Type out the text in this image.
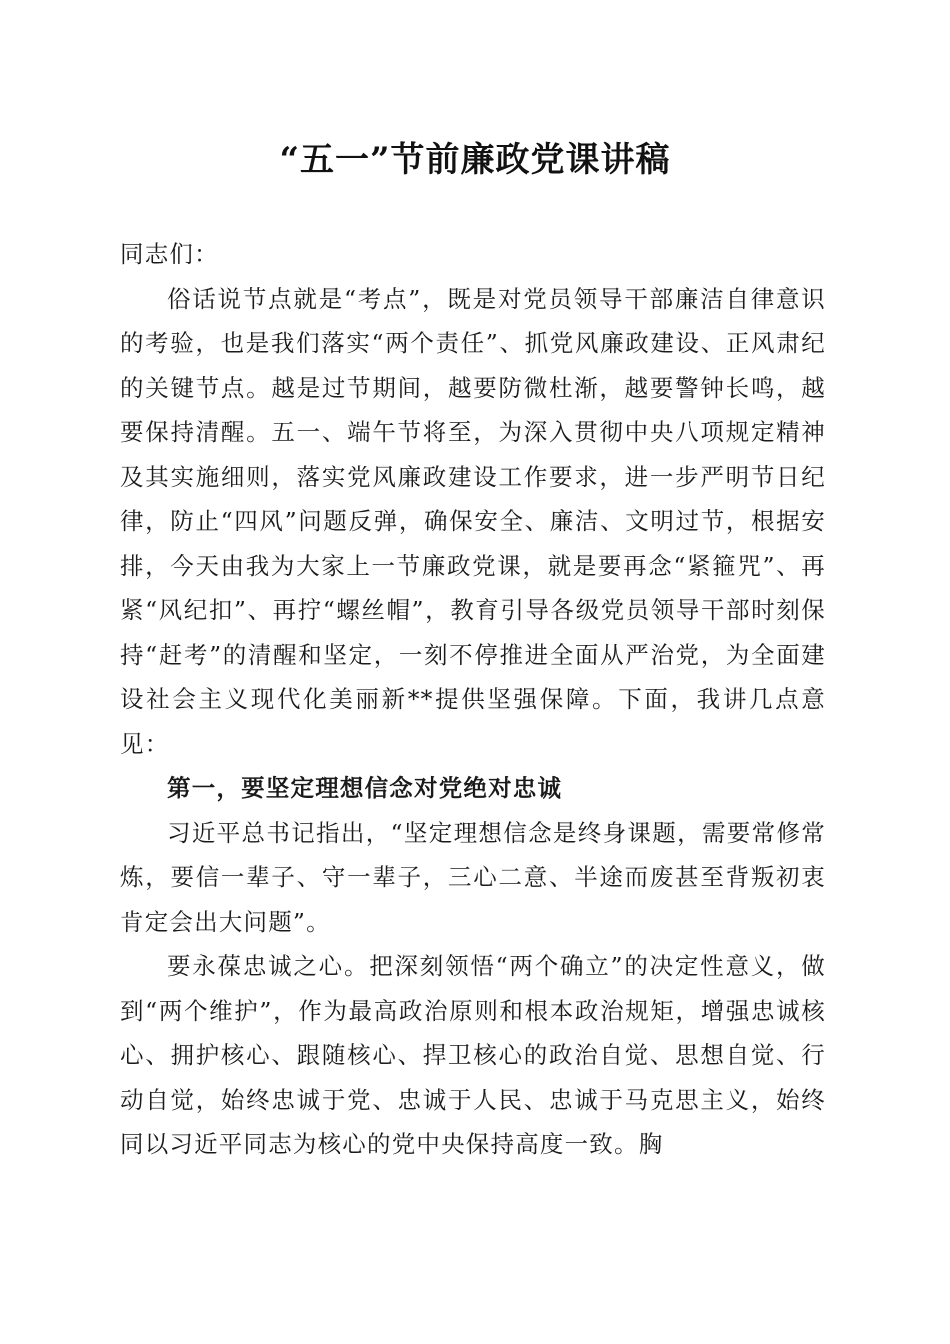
“五一”节前廉政党课讲稿

同志们：

俗话说节点就是“考点”，既是对党员领导干部廉洁自律意识的考验，也是我们落实“两个责任”、抓党风廉政建设、正风肃纪的关键节点。越是过节期间，越要防微杜渐，越要警钟长鸣，越要保持清醒。五一、端午节将至，为深入贯彻中央八项规定精神及其实施细则，落实党风廉政建设工作要求，进一步严明节日纪律，防止“四风”问题反弹，确保安全、廉洁、文明过节，根据安排，今天由我为大家上一节廉政党课，就是要再念“紧箍咒”、再紧“风纪扣”、再拧“螺丝帽”，教育引导各级党员领导干部时刻保持“赶考”的清醒和坚定，一刻不停推进全面从严治党，为全面建设社会主义现代化美丽新**提供坚强保障。下面，我讲几点意见：

第一，要坚定理想信念对党绝对忠诚

习近平总书记指出，“坚定理想信念是终身课题，需要常修常炼，要信一辈子、守一辈子，三心二意、半途而废甚至背叛初衷肯定会出大问题”。

要永葆忠诚之心。把深刻领悟“两个确立”的决定性意义，做到“两个维护”，作为最高政治原则和根本政治规矩，增强忠诚核心、拥护核心、跟随核心、捍卫核心的政治自觉、思想自觉、行动自觉，始终忠诚于党、忠诚于人民、忠诚于马克思主义，始终同以习近平同志为核心的党中央保持高度一致。胸
